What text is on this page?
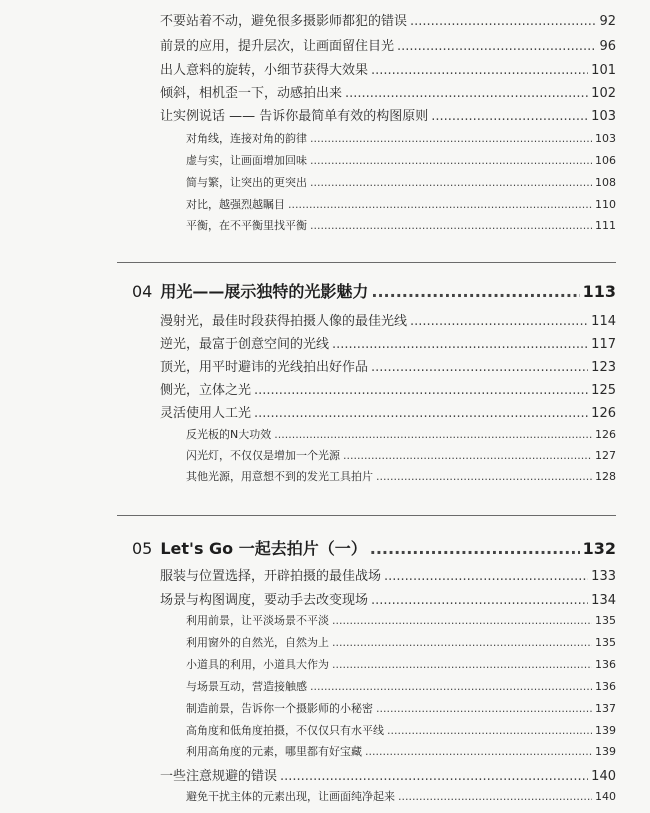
不要站着不动，避免很多摄影师都犯的错误 .....	92
前景的应用，提升层次，让画面留住目光 .....	96
出人意料的旋转，小细节获得大效果 .....	101
倾斜，相机歪一下，动感拍出来 .....	102
让实例说话 —— 告诉你最简单有效的构图原则 .....	103
对角线，连接对角的韵律 .....	103
虚与实，让画面增加回味 .....	106
简与繁，让突出的更突出 .....	108
对比，越强烈越瞩目 .....	110
平衡，在不平衡里找平衡 .....	111
04 用光——展示独特的光影魅力 .....	113
漫射光，最佳时段获得拍摄人像的最佳光线 .....	114
逆光，最富于创意空间的光线 .....	117
顶光，用平时避讳的光线拍出好作品 .....	123
侧光，立体之光 .....	125
灵活使用人工光 .....	126
反光板的N大功效 .....	126
闪光灯，不仅仅是增加一个光源 .....	127
其他光源，用意想不到的发光工具拍片 .....	128
05 Let's Go 一起去拍片（一） .....	132
服装与位置选择，开辟拍摄的最佳战场 .....	133
场景与构图调度，要动手去改变现场 .....	134
利用前景，让平淡场景不平淡 .....	135
利用窗外的自然光，自然为上 .....	135
小道具的利用，小道具大作为 .....	136
与场景互动，营造接触感 .....	136
制造前景，告诉你一个摄影师的小秘密 .....	137
高角度和低角度拍摄，不仅仅只有水平线 .....	139
利用高角度的元素，哪里都有好宝藏 .....	139
一些注意规避的错误 .....	140
避免干扰主体的元素出现，让画面纯净起来 .....	140
